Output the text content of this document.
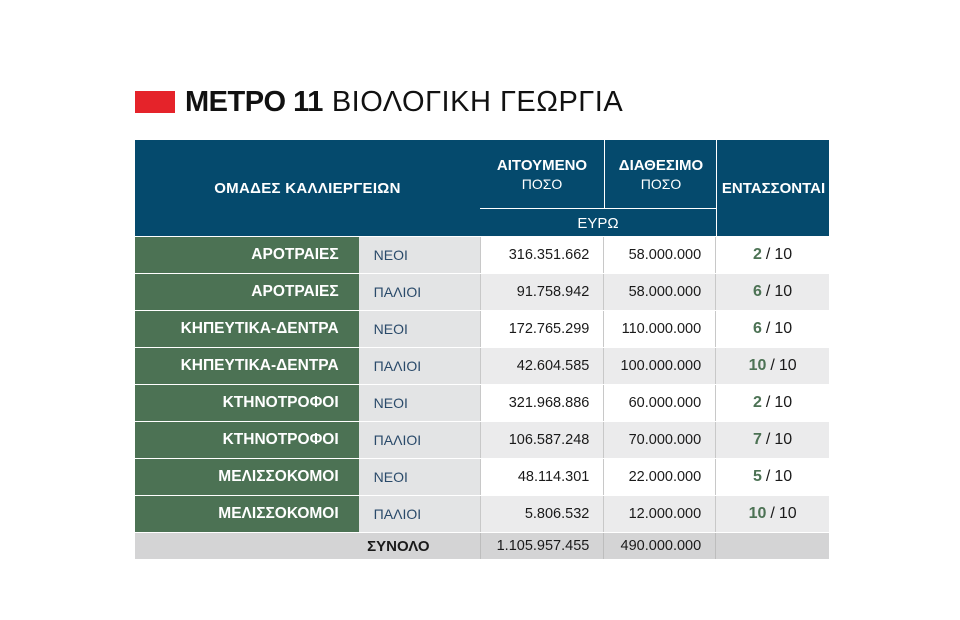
ΜΕΤΡΟ 11 ΒΙΟΛΟΓΙΚΗ ΓΕΩΡΓΙΑ
ΟΜΑΔΕΣ ΚΑΛΛΙΕΡΓΕΙΩΝ
ΑΙΤΟΥΜΕΝΟ
ΠΟΣΟ
ΔΙΑΘΕΣΙΜΟ
ΠΟΣΟ	ΕΝΤΑΣΣΟΝΤΑΙ
ΕΥΡΩ
ΑΡΟΤΡΑΙΕΣ	ΝΕΟΙ	316.351.662	58.000.000	2 / 10
ΑΡΟΤΡΑΙΕΣ	ΠΑΛΙΟΙ	91.758.942	58.000.000	6 / 10
ΚΗΠΕΥΤΙΚΑ-ΔΕΝΤΡΑ	ΝΕΟΙ	172.765.299	110.000.000	6 / 10
ΚΗΠΕΥΤΙΚΑ-ΔΕΝΤΡΑ	ΠΑΛΙΟΙ	42.604.585	100.000.000	10 / 10
ΚΤΗΝΟΤΡΟΦΟΙ	ΝΕΟΙ	321.968.886	60.000.000	2 / 10
ΚΤΗΝΟΤΡΟΦΟΙ	ΠΑΛΙΟΙ	106.587.248	70.000.000	7 / 10
ΜΕΛΙΣΣΟΚΟΜΟΙ	ΝΕΟΙ	48.114.301	22.000.000	5 / 10
ΜΕΛΙΣΣΟΚΟΜΟΙ	ΠΑΛΙΟΙ	5.806.532	12.000.000	10 / 10
ΣΥΝΟΛΟ	1.105.957.455	490.000.000
